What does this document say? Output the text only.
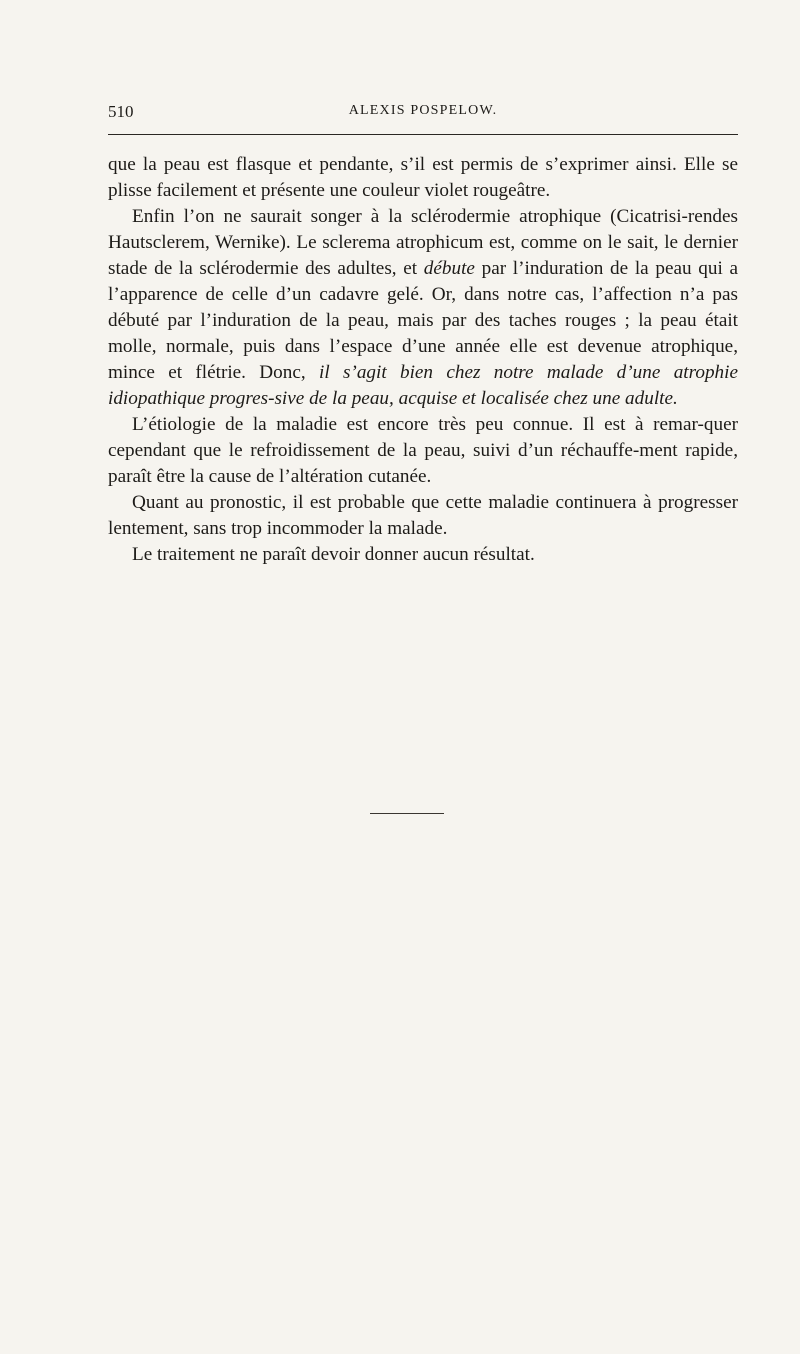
510	ALEXIS POSPELOW.

que la peau est flasque et pendante, s’il est permis de s’exprimer ainsi. Elle se plisse facilement et présente une couleur violet rougeâtre.

Enfin l’on ne saurait songer à la sclérodermie atrophique (Cicatrisi-rendes Hautsclerem, Wernike). Le sclerema atrophicum est, comme on le sait, le dernier stade de la sclérodermie des adultes, et débute par l’induration de la peau qui a l’apparence de celle d’un cadavre gelé. Or, dans notre cas, l’affection n’a pas débuté par l’induration de la peau, mais par des taches rouges ; la peau était molle, normale, puis dans l’espace d’une année elle est devenue atrophique, mince et flétrie. Donc, il s’agit bien chez notre malade d’une atrophie idiopathique progres-sive de la peau, acquise et localisée chez une adulte.

L’étiologie de la maladie est encore très peu connue. Il est à remar-quer cependant que le refroidissement de la peau, suivi d’un réchauffe-ment rapide, paraît être la cause de l’altération cutanée.

Quant au pronostic, il est probable que cette maladie continuera à progresser lentement, sans trop incommoder la malade.

Le traitement ne paraît devoir donner aucun résultat.
